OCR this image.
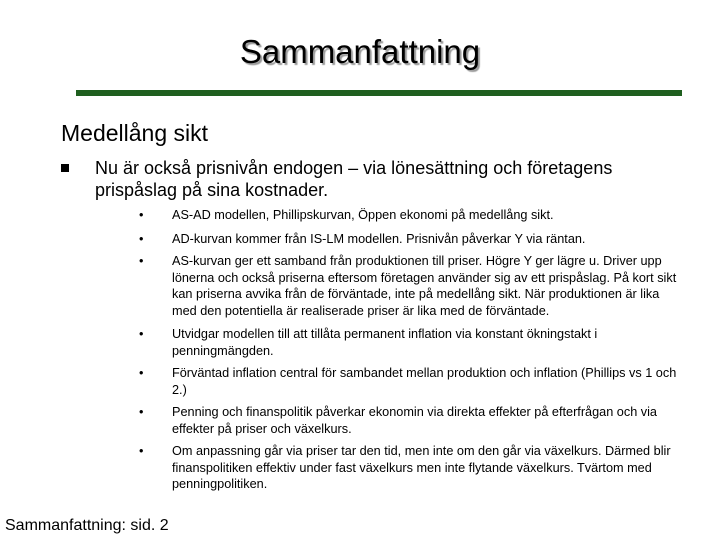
Sammanfattning
Medellång sikt
Nu är också prisnivån endogen – via lönesättning och företagens prispåslag på sina kostnader.
• AS-AD modellen, Phillipskurvan, Öppen ekonomi på medellång sikt.
• AD-kurvan kommer från IS-LM modellen. Prisnivån påverkar Y via räntan.
• AS-kurvan ger ett samband från produktionen till priser. Högre Y ger lägre u. Driver upp lönerna och också priserna eftersom företagen använder sig av ett prispåslag. På kort sikt kan priserna avvika från de förväntade, inte på medellång sikt. När produktionen är lika med den potentiella är realiserade priser är lika med de förväntade.
• Utvidgar modellen till att tillåta permanent inflation via konstant ökningstakt i penningmängden.
• Förväntad inflation central för sambandet mellan produktion och inflation (Phillips vs 1 och 2.)
• Penning och finanspolitik påverkar ekonomin via direkta effekter på efterfrågan och via effekter på priser och växelkurs.
• Om anpassning går via priser tar den tid, men inte om den går via växelkurs. Därmed blir finanspolitiken effektiv under fast växelkurs men inte flytande växelkurs. Tvärtom med penningpolitiken.
Sammanfattning: sid. 2
